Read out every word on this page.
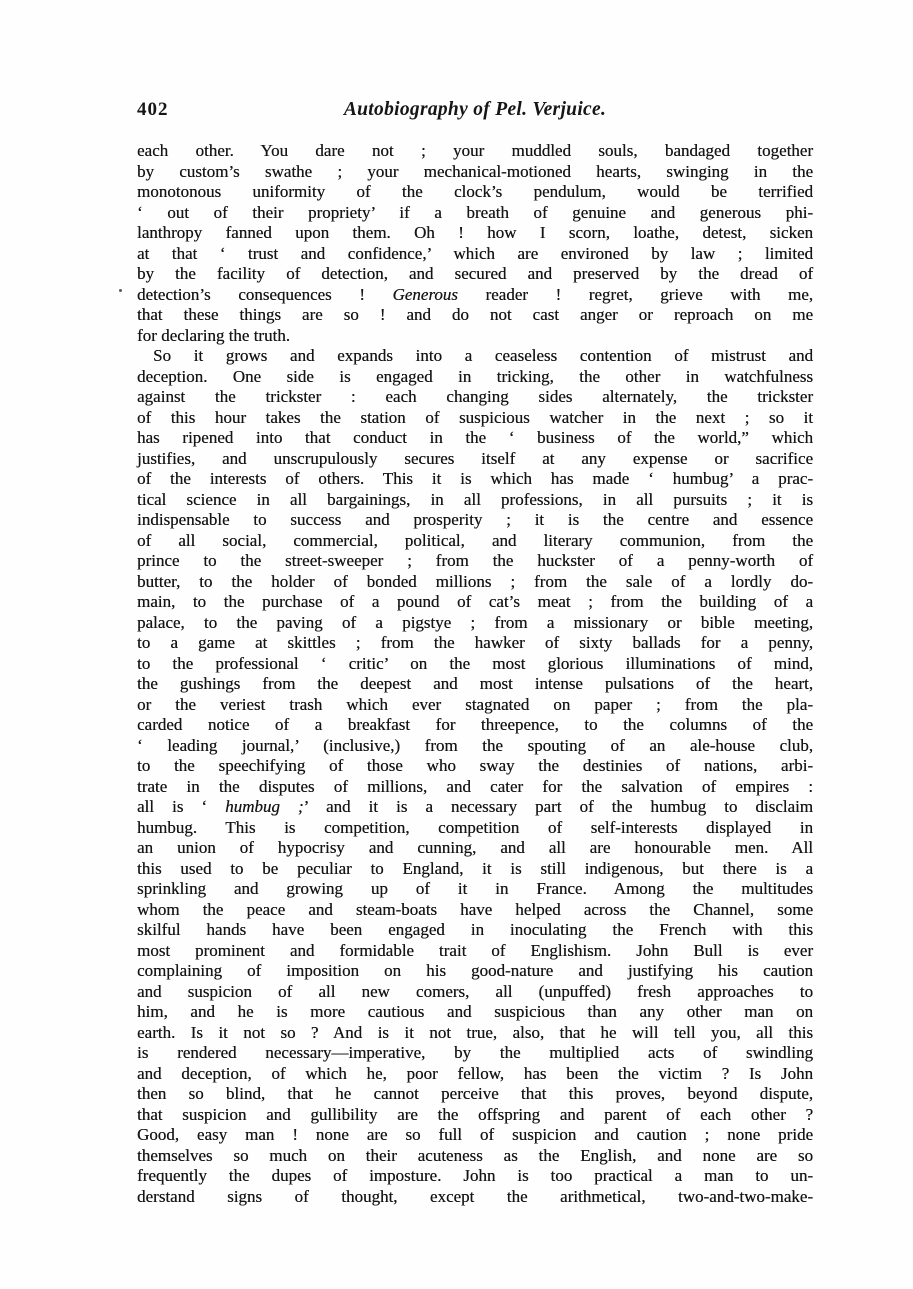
402	Autobiography of Pel. Verjuice.
each other. You dare not ; your muddled souls, bandaged together
by custom’s swathe ; your mechanical-motioned hearts, swinging in the
monotonous uniformity of the clock’s pendulum, would be terrified
‘ out of their propriety’ if a breath of genuine and generous phi-
lanthropy fanned upon them. Oh ! how I scorn, loathe, detest, sicken
at that ‘ trust and confidence,’ which are environed by law ; limited
by the facility of detection, and secured and preserved by the dread of
detection’s consequences ! Generous reader ! regret, grieve with me,
that these things are so ! and do not cast anger or reproach on me
for declaring the truth.
So it grows and expands into a ceaseless contention of mistrust and
deception. One side is engaged in tricking, the other in watchfulness
against the trickster : each changing sides alternately, the trickster
of this hour takes the station of suspicious watcher in the next ; so it
has ripened into that conduct in the ‘ business of the world,” which
justifies, and unscrupulously secures itself at any expense or sacrifice
of the interests of others. This it is which has made ‘ humbug’ a prac-
tical science in all bargainings, in all professions, in all pursuits ; it is
indispensable to success and prosperity ; it is the centre and essence
of all social, commercial, political, and literary communion, from the
prince to the street-sweeper ; from the huckster of a penny-worth of
butter, to the holder of bonded millions ; from the sale of a lordly do-
main, to the purchase of a pound of cat’s meat ; from the building of a
palace, to the paving of a pigstye ; from a missionary or bible meeting,
to a game at skittles ; from the hawker of sixty ballads for a penny,
to the professional ‘ critic’ on the most glorious illuminations of mind,
the gushings from the deepest and most intense pulsations of the heart,
or the veriest trash which ever stagnated on paper ; from the pla-
carded notice of a breakfast for threepence, to the columns of the
‘ leading journal,’ (inclusive,) from the spouting of an ale-house club,
to the speechifying of those who sway the destinies of nations, arbi-
trate in the disputes of millions, and cater for the salvation of empires :
all is ‘ humbug ;’ and it is a necessary part of the humbug to disclaim
humbug. This is competition, competition of self-interests displayed in
an union of hypocrisy and cunning, and all are honourable men. All
this used to be peculiar to England, it is still indigenous, but there is a
sprinkling and growing up of it in France. Among the multitudes
whom the peace and steam-boats have helped across the Channel, some
skilful hands have been engaged in inoculating the French with this
most prominent and formidable trait of Englishism. John Bull is ever
complaining of imposition on his good-nature and justifying his caution
and suspicion of all new comers, all (unpuffed) fresh approaches to
him, and he is more cautious and suspicious than any other man on
earth. Is it not so ? And is it not true, also, that he will tell you, all this
is rendered necessary—imperative, by the multiplied acts of swindling
and deception, of which he, poor fellow, has been the victim ? Is John
then so blind, that he cannot perceive that this proves, beyond dispute,
that suspicion and gullibility are the offspring and parent of each other ?
Good, easy man ! none are so full of suspicion and caution ; none pride
themselves so much on their acuteness as the English, and none are so
frequently the dupes of imposture. John is too practical a man to un-
derstand signs of thought, except the arithmetical, two-and-two-make-
